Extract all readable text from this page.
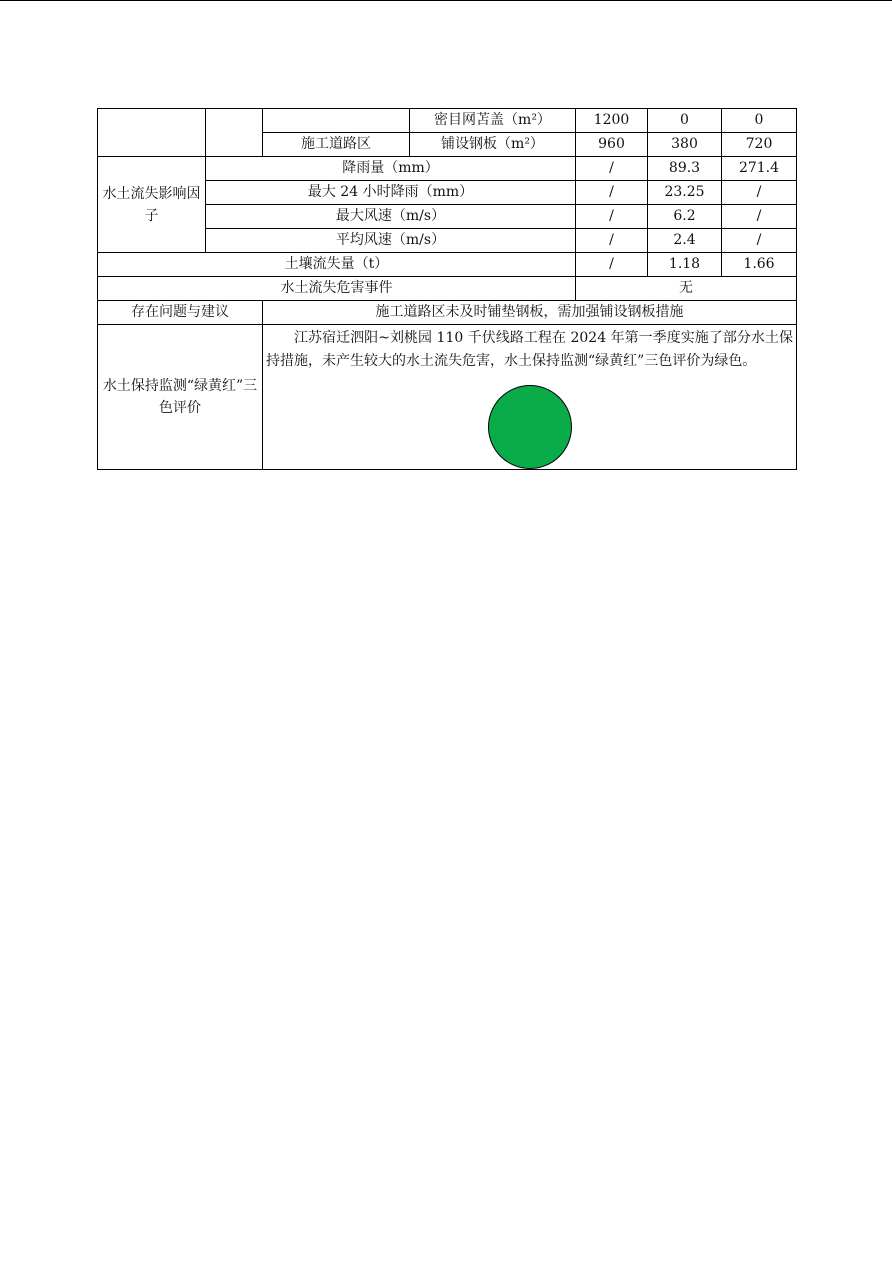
			密目网苫盖（m²）	1200	0	0
		施工道路区	铺设钢板（m²）	960	380	720
水土流失影响因子	降雨量（mm）			/	89.3	271.4
	最大 24 小时降雨（mm）			/	23.25	/
	最大风速（m/s）			/	6.2	/
	平均风速（m/s）			/	2.4	/
土壤流失量（t）				/	1.18	1.66
水土流失危害事件				无		
存在问题与建议		施工道路区未及时铺垫钢板，需加强铺设钢板措施				
水土保持监测“绿黄红”三色评价		江苏宿迁泗阳~刘桃园 110 千伏线路工程在 2024 年第一季度实施了部分水土保持措施，未产生较大的水土流失危害，水土保持监测“绿黄红”三色评价为绿色。				
